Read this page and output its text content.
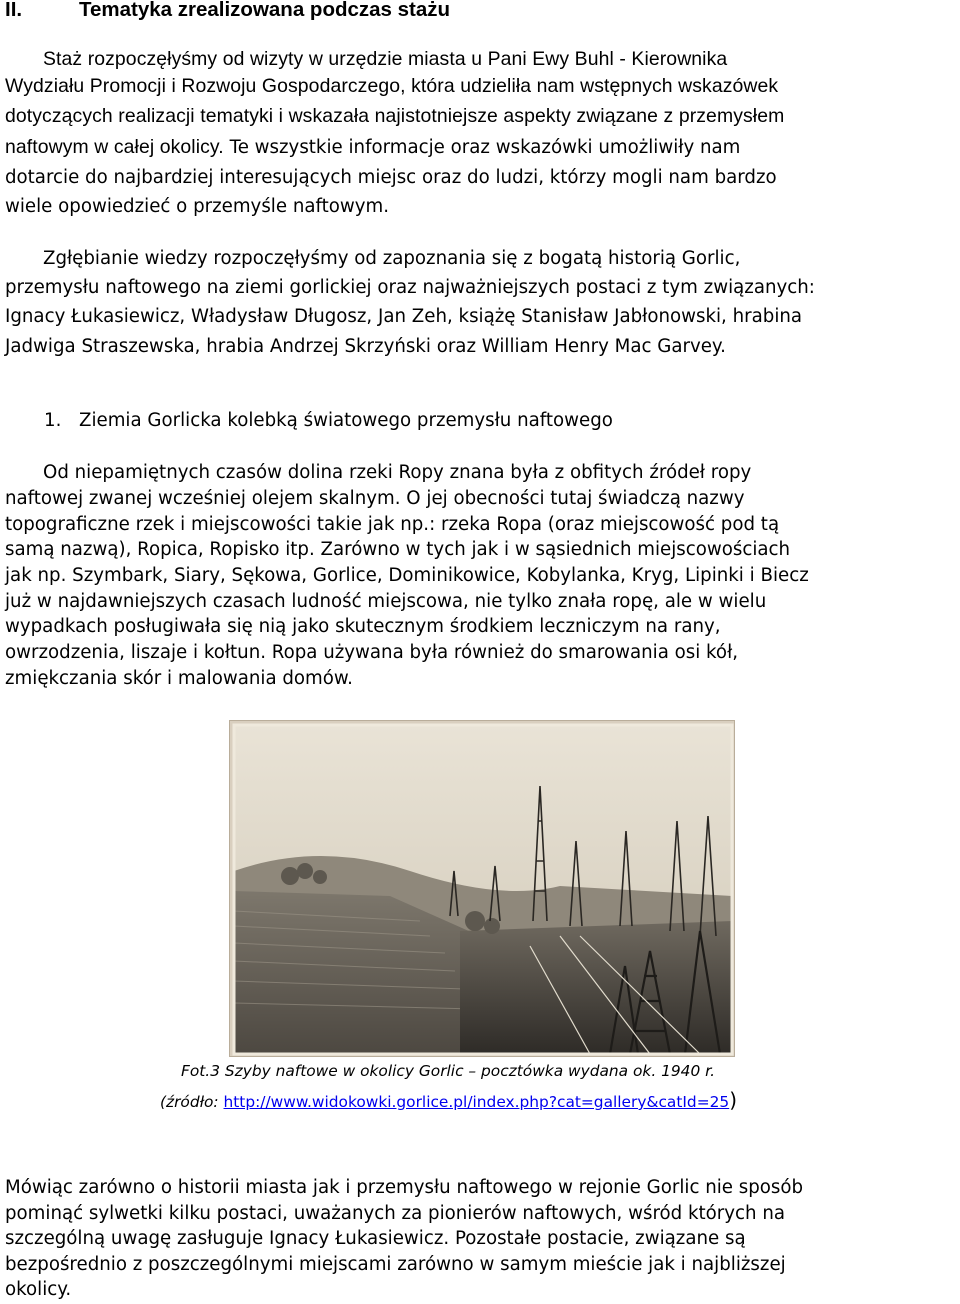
II.	Tematyka zrealizowana podczas stażu
Staż rozpoczęłyśmy od wizyty w urzędzie miasta u Pani Ewy Buhl - Kierownika
Wydziału Promocji i Rozwoju Gospodarczego, która udzieliła nam wstępnych wskazówek
dotyczących realizacji tematyki i wskazała najistotniejsze aspekty związane z przemysłem
naftowym w całej okolicy. Te wszystkie informacje oraz wskazówki umożliwiły nam
dotarcie do najbardziej interesujących miejsc oraz do ludzi, którzy mogli nam bardzo
wiele opowiedzieć o przemyśle naftowym.
Zgłębianie wiedzy rozpoczęłyśmy od zapoznania się z bogatą historią Gorlic,
przemysłu naftowego na ziemi gorlickiej oraz najważniejszych postaci z tym związanych:
Ignacy Łukasiewicz, Władysław Długosz, Jan Zeh, książę Stanisław Jabłonowski, hrabina
Jadwiga Straszewska, hrabia Andrzej Skrzyński oraz William Henry Mac Garvey.
1. Ziemia Gorlicka kolebką światowego przemysłu naftowego
Od niepamiętnych czasów dolina rzeki Ropy znana była z obfitych źródeł ropy
naftowej zwanej wcześniej olejem skalnym. O jej obecności tutaj świadczą nazwy
topograficzne rzek i miejscowości takie jak np.: rzeka Ropa (oraz miejscowość pod tą
samą nazwą), Ropica, Ropisko itp. Zarówno w tych jak i w sąsiednich miejscowościach
jak np. Szymbark, Siary, Sękowa, Gorlice, Dominikowice, Kobylanka, Kryg, Lipinki i Biecz
już w najdawniejszych czasach ludność miejscowa, nie tylko znała ropę, ale w wielu
wypadkach posługiwała się nią jako skutecznym środkiem leczniczym na rany,
owrzodzenia, liszaje i kołtun. Ropa używana była również do smarowania osi kół,
zmiękczania skór i malowania domów.
Fot.3 Szyby naftowe w okolicy Gorlic – pocztówka wydana ok. 1940 r.
(źródło: http://www.widokowki.gorlice.pl/index.php?cat=gallery&catId=25)
Mówiąc zarówno o historii miasta jak i przemysłu naftowego w rejonie Gorlic nie sposób
pominąć sylwetki kilku postaci, uważanych za pionierów naftowych, wśród których na
szczególną uwagę zasługuje Ignacy Łukasiewicz. Pozostałe postacie, związane są
bezpośrednio z poszczególnymi miejscami zarówno w samym mieście jak i najbliższej
okolicy.
